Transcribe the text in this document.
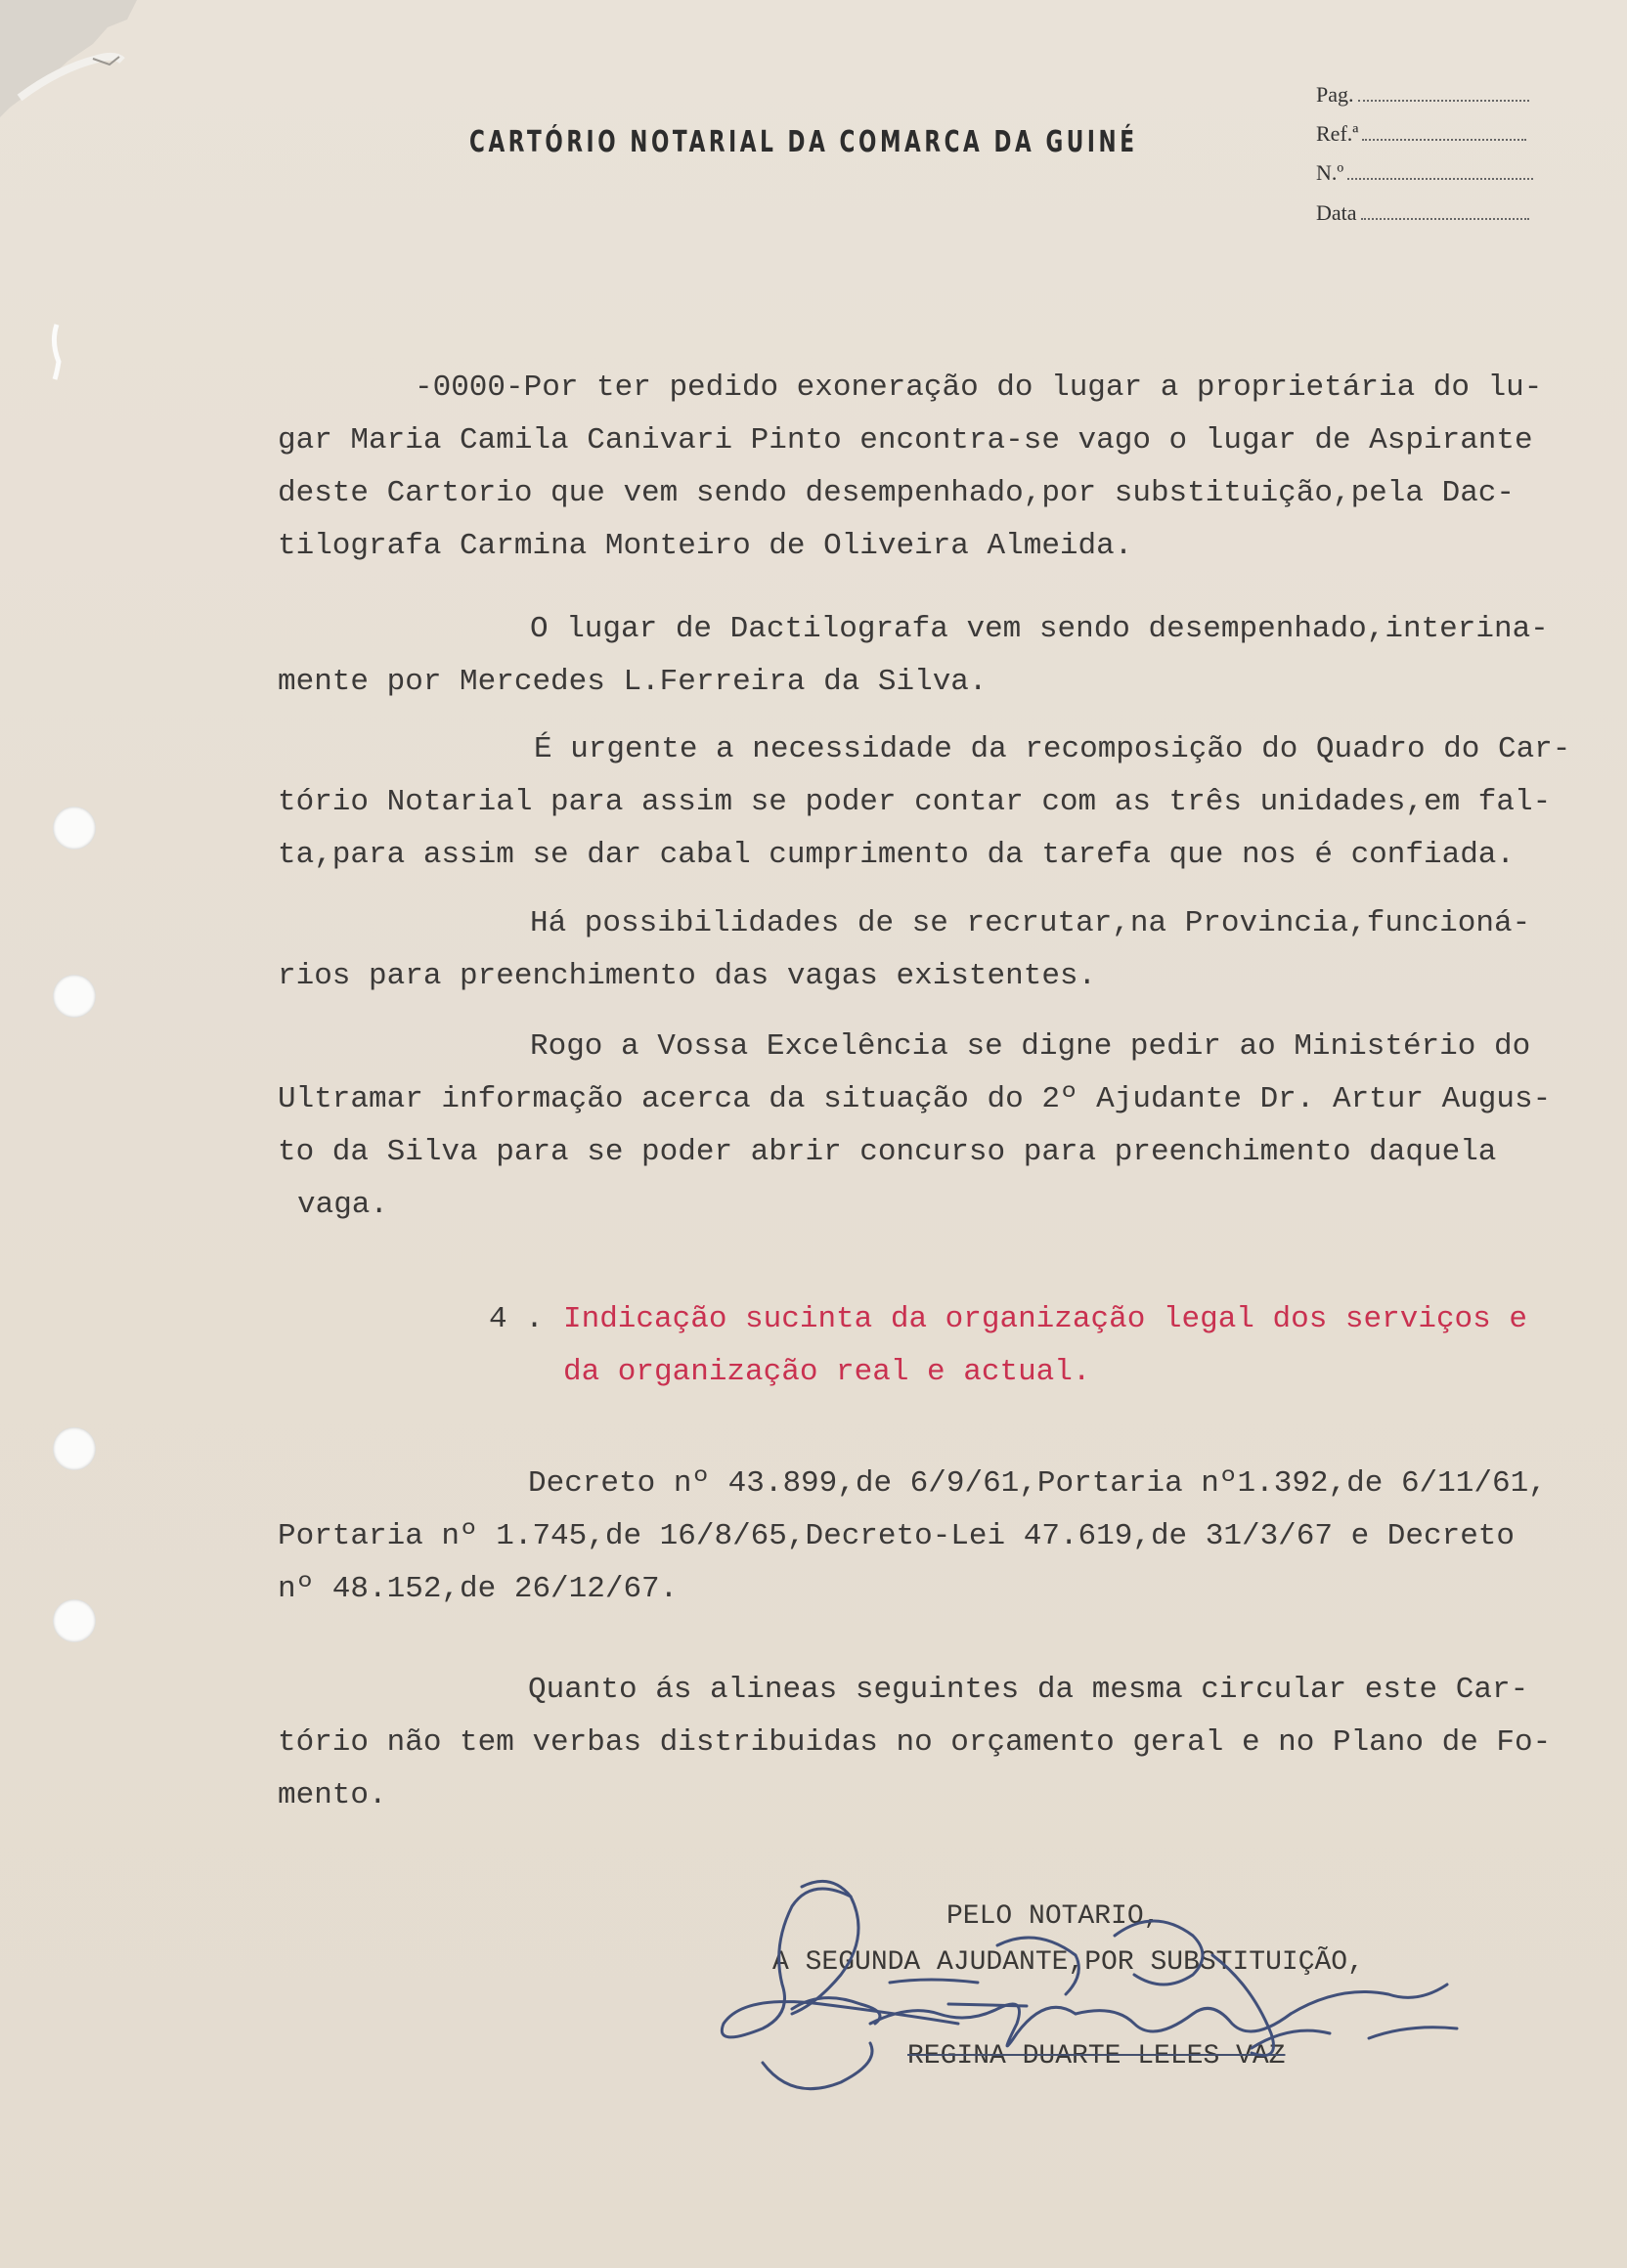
CARTÓRIO NOTARIAL DA COMARCA DA GUINÉ
Pag.
Ref.ª
N.º
Data
-0000-Por ter pedido exoneração do lugar a proprietária do lu-
gar Maria Camila Canivari Pinto encontra-se vago o lugar de Aspirante
deste Cartorio que vem sendo desempenhado,por substituição,pela Dac-
tilografa Carmina Monteiro de Oliveira Almeida.
O lugar de Dactilografa vem sendo desempenhado,interina-
mente por Mercedes L.Ferreira da Silva.
É urgente a necessidade da recomposição do Quadro do Car-
tório Notarial para assim se poder contar com as três unidades,em fal-
ta,para assim se dar cabal cumprimento da tarefa que nos é confiada.
Há possibilidades de se recrutar,na Provincia,funcioná-
rios para preenchimento das vagas existentes.
Rogo a Vossa Excelência se digne pedir ao Ministério do
Ultramar informação acerca da situação do 2º Ajudante Dr. Artur Augus-
to da Silva para se poder abrir concurso para preenchimento daquela
vaga.
4 . Indicação sucinta da organização legal dos serviços e
da organização real e actual.
Decreto nº 43.899,de 6/9/61,Portaria nº1.392,de 6/11/61,
Portaria nº 1.745,de 16/8/65,Decreto-Lei 47.619,de 31/3/67 e Decreto
nº 48.152,de 26/12/67.
Quanto ás alineas seguintes da mesma circular este Car-
tório não tem verbas distribuidas no orçamento geral e no Plano de Fo-
mento.
PELO NOTARIO,
A SEGUNDA AJUDANTE,POR SUBSTITUIÇÃO,
REGINA DUARTE LELES VAZ
